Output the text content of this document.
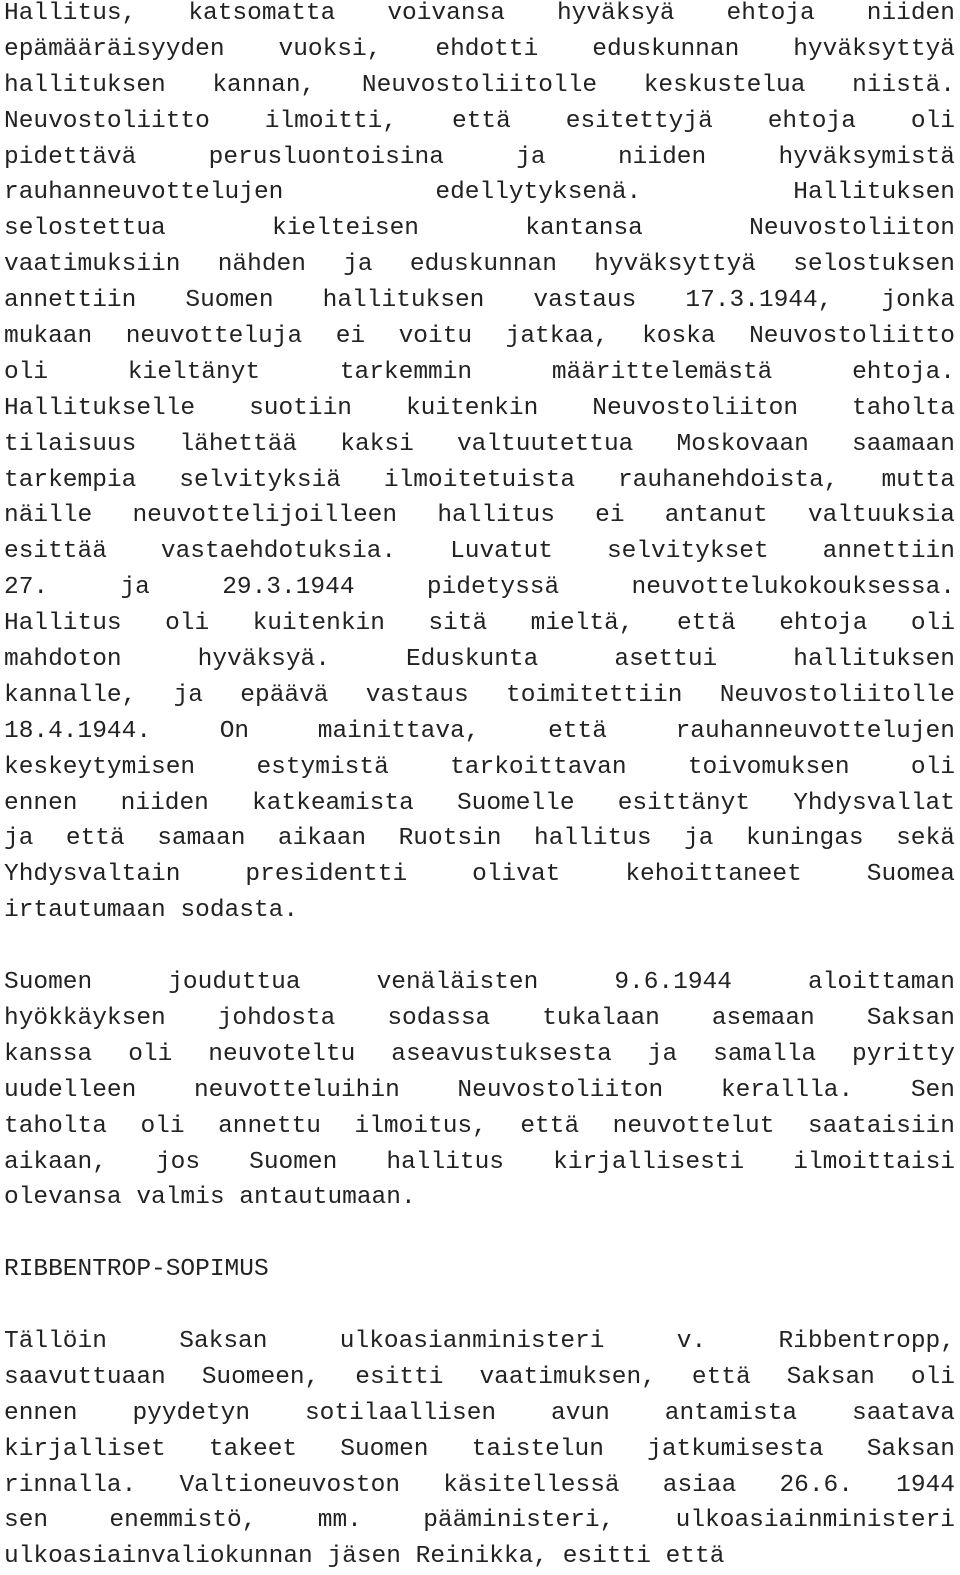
Hallitus, katsomatta voivansa hyväksyä ehtoja niiden
epämääräisyyden vuoksi, ehdotti eduskunnan hyväksyttyä
hallituksen kannan, Neuvostoliitolle keskustelua niistä.
Neuvostoliitto ilmoitti, että esitettyjä ehtoja oli
pidettävä	perusluontoisina	ja	niiden	hyväksymistä
rauhanneuvottelujen	edellytyksenä.	Hallituksen
selostettua	kielteisen	kantansa	Neuvostoliiton
vaatimuksiin nähden ja eduskunnan hyväksyttyä selostuksen
annettiin Suomen hallituksen vastaus 17.3.1944, jonka
mukaan neuvotteluja ei voitu jatkaa, koska Neuvostoliitto
oli	kieltänyt	tarkemmin	määrittelemästä	ehtoja.
Hallitukselle suotiin kuitenkin Neuvostoliiton taholta
tilaisuus lähettää kaksi valtuutettua Moskovaan saamaan
tarkempia selvityksiä ilmoitetuista rauhanehdoista, mutta
näille neuvottelijoilleen hallitus ei antanut valtuuksia
esittää vastaehdotuksia. Luvatut selvitykset annettiin
27.	ja	29.3.1944	pidetyssä	neuvottelukokouksessa.
Hallitus oli kuitenkin sitä mieltä, että ehtoja oli
mahdoton	hyväksyä.	Eduskunta	asettui	hallituksen
kannalle, ja epäävä vastaus toimitettiin Neuvostoliitolle
18.4.1944.	On	mainittava,	että	rauhanneuvottelujen
keskeytymisen	estymistä	tarkoittavan	toivomuksen	oli
ennen niiden katkeamista Suomelle esittänyt Yhdysvallat
ja että samaan aikaan Ruotsin hallitus ja kuningas sekä
Yhdysvaltain	presidentti	olivat	kehoittaneet	Suomea
irtautumaan sodasta.
Suomen	jouduttua	venäläisten	9.6.1944	aloittaman
hyökkäyksen johdosta sodassa tukalaan asemaan Saksan
kanssa oli neuvoteltu aseavustuksesta ja samalla pyritty
uudelleen neuvotteluihin Neuvostoliiton kerallla. Sen
taholta oli annettu ilmoitus, että neuvottelut saataisiin
aikaan, jos Suomen hallitus kirjallisesti ilmoittaisi
olevansa valmis antautumaan.
RIBBENTROP-SOPIMUS
Tällöin	Saksan	ulkoasianministeri	v.	Ribbentropp,
saavuttuaan Suomeen, esitti vaatimuksen, että Saksan oli
ennen pyydetyn sotilaallisen avun antamista saatava
kirjalliset takeet Suomen taistelun jatkumisesta Saksan
rinnalla. Valtioneuvoston käsitellessä asiaa 26.6. 1944
sen	enemmistö,	mm.	pääministeri,	ulkoasiainministeri
ulkoasiainvaliokunnan jäsen Reinikka, esitti että
